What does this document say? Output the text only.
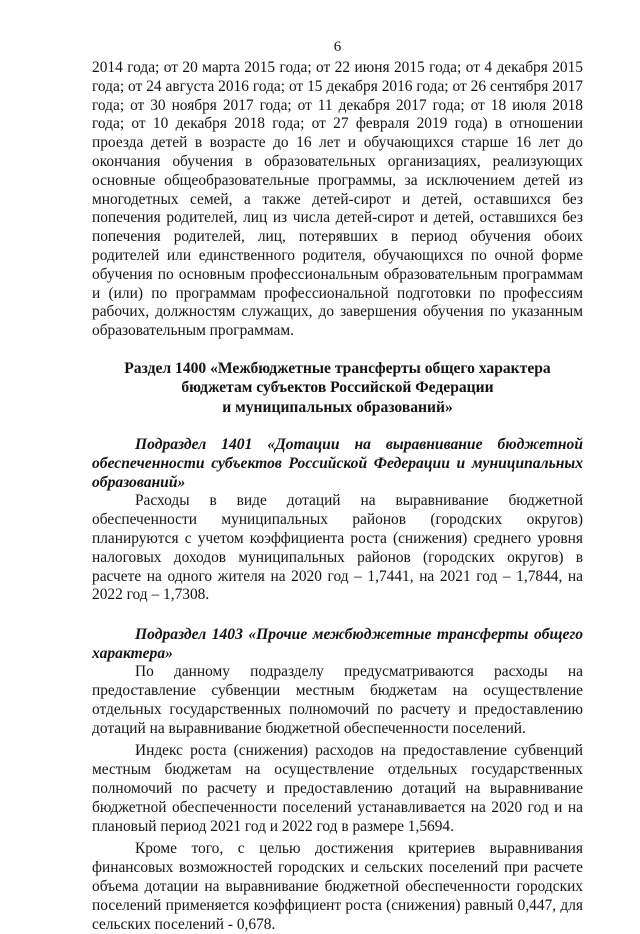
6

2014 года; от 20 марта 2015 года; от 22 июня 2015 года; от 4 декабря 2015 года; от 24 августа 2016 года; от 15 декабря 2016 года; от 26 сентября 2017 года; от 30 ноября 2017 года; от 11 декабря 2017 года; от 18 июля 2018 года; от 10 декабря 2018 года; от 27 февраля 2019 года) в отношении проезда детей в возрасте до 16 лет и обучающихся старше 16 лет до окончания обучения в образовательных организациях, реализующих основные общеобразовательные программы, за исключением детей из многодетных семей, а также детей-сирот и детей, оставшихся без попечения родителей, лиц из числа детей-сирот и детей, оставшихся без попечения родителей, лиц, потерявших в период обучения обоих родителей или единственного родителя, обучающихся по очной форме обучения по основным профессиональным образовательным программам и (или) по программам профессиональной подготовки по профессиям рабочих, должностям служащих, до завершения обучения по указанным образовательным программам.

Раздел 1400 «Межбюджетные трансферты общего характера
бюджетам субъектов Российской Федерации
и муниципальных образований»

Подраздел 1401 «Дотации на выравнивание бюджетной обеспеченности субъектов Российской Федерации и муниципальных образований»

Расходы в виде дотаций на выравнивание бюджетной обеспеченности муниципальных районов (городских округов) планируются с учетом коэффициента роста (снижения) среднего уровня налоговых доходов муниципальных районов (городских округов) в расчете на одного жителя на 2020 год – 1,7441, на 2021 год – 1,7844, на 2022 год – 1,7308.

Подраздел 1403 «Прочие межбюджетные трансферты общего характера»

По данному подразделу предусматриваются расходы на предоставление субвенции местным бюджетам на осуществление отдельных государственных полномочий по расчету и предоставлению дотаций на выравнивание бюджетной обеспеченности поселений.

Индекс роста (снижения) расходов на предоставление субвенций местным бюджетам на осуществление отдельных государственных полномочий по расчету и предоставлению дотаций на выравнивание бюджетной обеспеченности поселений устанавливается на 2020 год и на плановый период 2021 год и 2022 год в размере 1,5694.

Кроме того, с целью достижения критериев выравнивания финансовых возможностей городских и сельских поселений при расчете объема дотации на выравнивание бюджетной обеспеченности городских поселений применяется коэффициент роста (снижения) равный 0,447, для сельских поселений - 0,678.
